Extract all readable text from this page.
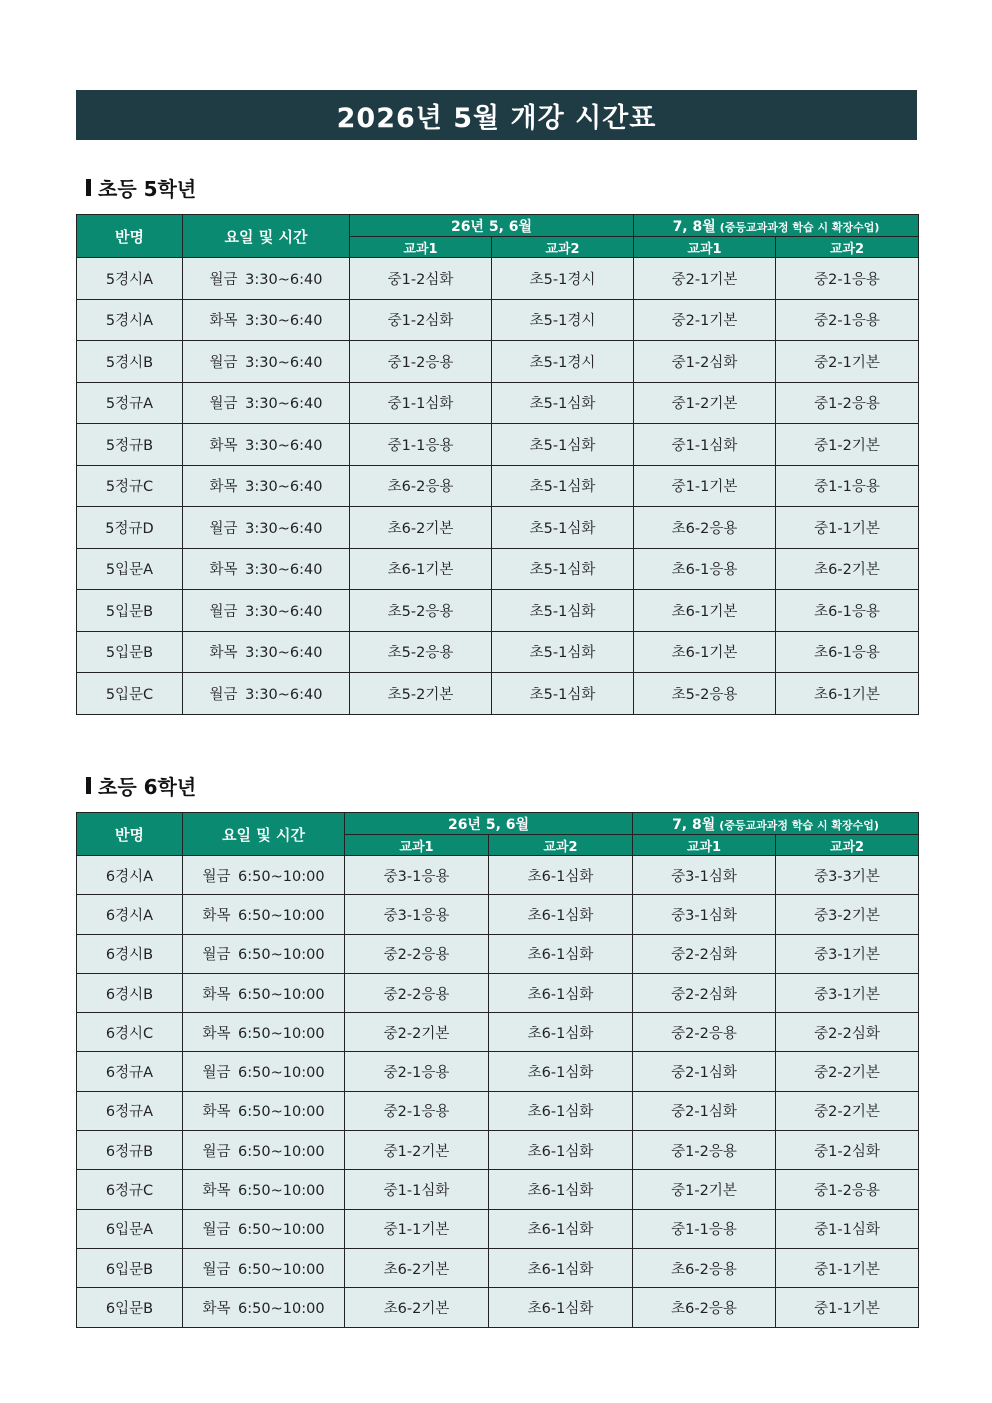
2026년 5월 개강 시간표
초등 5학년
반명	요일 및 시간	26년 5, 6월		7, 8월 (중등교과과정 학습 시 확장수업)	
		교과1	교과2	교과1	교과2
5경시A	월금 3:30~6:40	중1-2심화	초5-1경시	중2-1기본	중2-1응용
5경시A	화목 3:30~6:40	중1-2심화	초5-1경시	중2-1기본	중2-1응용
5경시B	월금 3:30~6:40	중1-2응용	초5-1경시	중1-2심화	중2-1기본
5정규A	월금 3:30~6:40	중1-1심화	초5-1심화	중1-2기본	중1-2응용
5정규B	화목 3:30~6:40	중1-1응용	초5-1심화	중1-1심화	중1-2기본
5정규C	화목 3:30~6:40	초6-2응용	초5-1심화	중1-1기본	중1-1응용
5정규D	월금 3:30~6:40	초6-2기본	초5-1심화	초6-2응용	중1-1기본
5입문A	화목 3:30~6:40	초6-1기본	초5-1심화	초6-1응용	초6-2기본
5입문B	월금 3:30~6:40	초5-2응용	초5-1심화	초6-1기본	초6-1응용
5입문B	화목 3:30~6:40	초5-2응용	초5-1심화	초6-1기본	초6-1응용
5입문C	월금 3:30~6:40	초5-2기본	초5-1심화	초5-2응용	초6-1기본
초등 6학년
반명	요일 및 시간	26년 5, 6월		7, 8월 (중등교과과정 학습 시 확장수업)	
		교과1	교과2	교과1	교과2
6경시A	월금 6:50~10:00	중3-1응용	초6-1심화	중3-1심화	중3-3기본
6경시A	화목 6:50~10:00	중3-1응용	초6-1심화	중3-1심화	중3-2기본
6경시B	월금 6:50~10:00	중2-2응용	초6-1심화	중2-2심화	중3-1기본
6경시B	화목 6:50~10:00	중2-2응용	초6-1심화	중2-2심화	중3-1기본
6경시C	화목 6:50~10:00	중2-2기본	초6-1심화	중2-2응용	중2-2심화
6정규A	월금 6:50~10:00	중2-1응용	초6-1심화	중2-1심화	중2-2기본
6정규A	화목 6:50~10:00	중2-1응용	초6-1심화	중2-1심화	중2-2기본
6정규B	월금 6:50~10:00	중1-2기본	초6-1심화	중1-2응용	중1-2심화
6정규C	화목 6:50~10:00	중1-1심화	초6-1심화	중1-2기본	중1-2응용
6입문A	월금 6:50~10:00	중1-1기본	초6-1심화	중1-1응용	중1-1심화
6입문B	월금 6:50~10:00	초6-2기본	초6-1심화	초6-2응용	중1-1기본
6입문B	화목 6:50~10:00	초6-2기본	초6-1심화	초6-2응용	중1-1기본
